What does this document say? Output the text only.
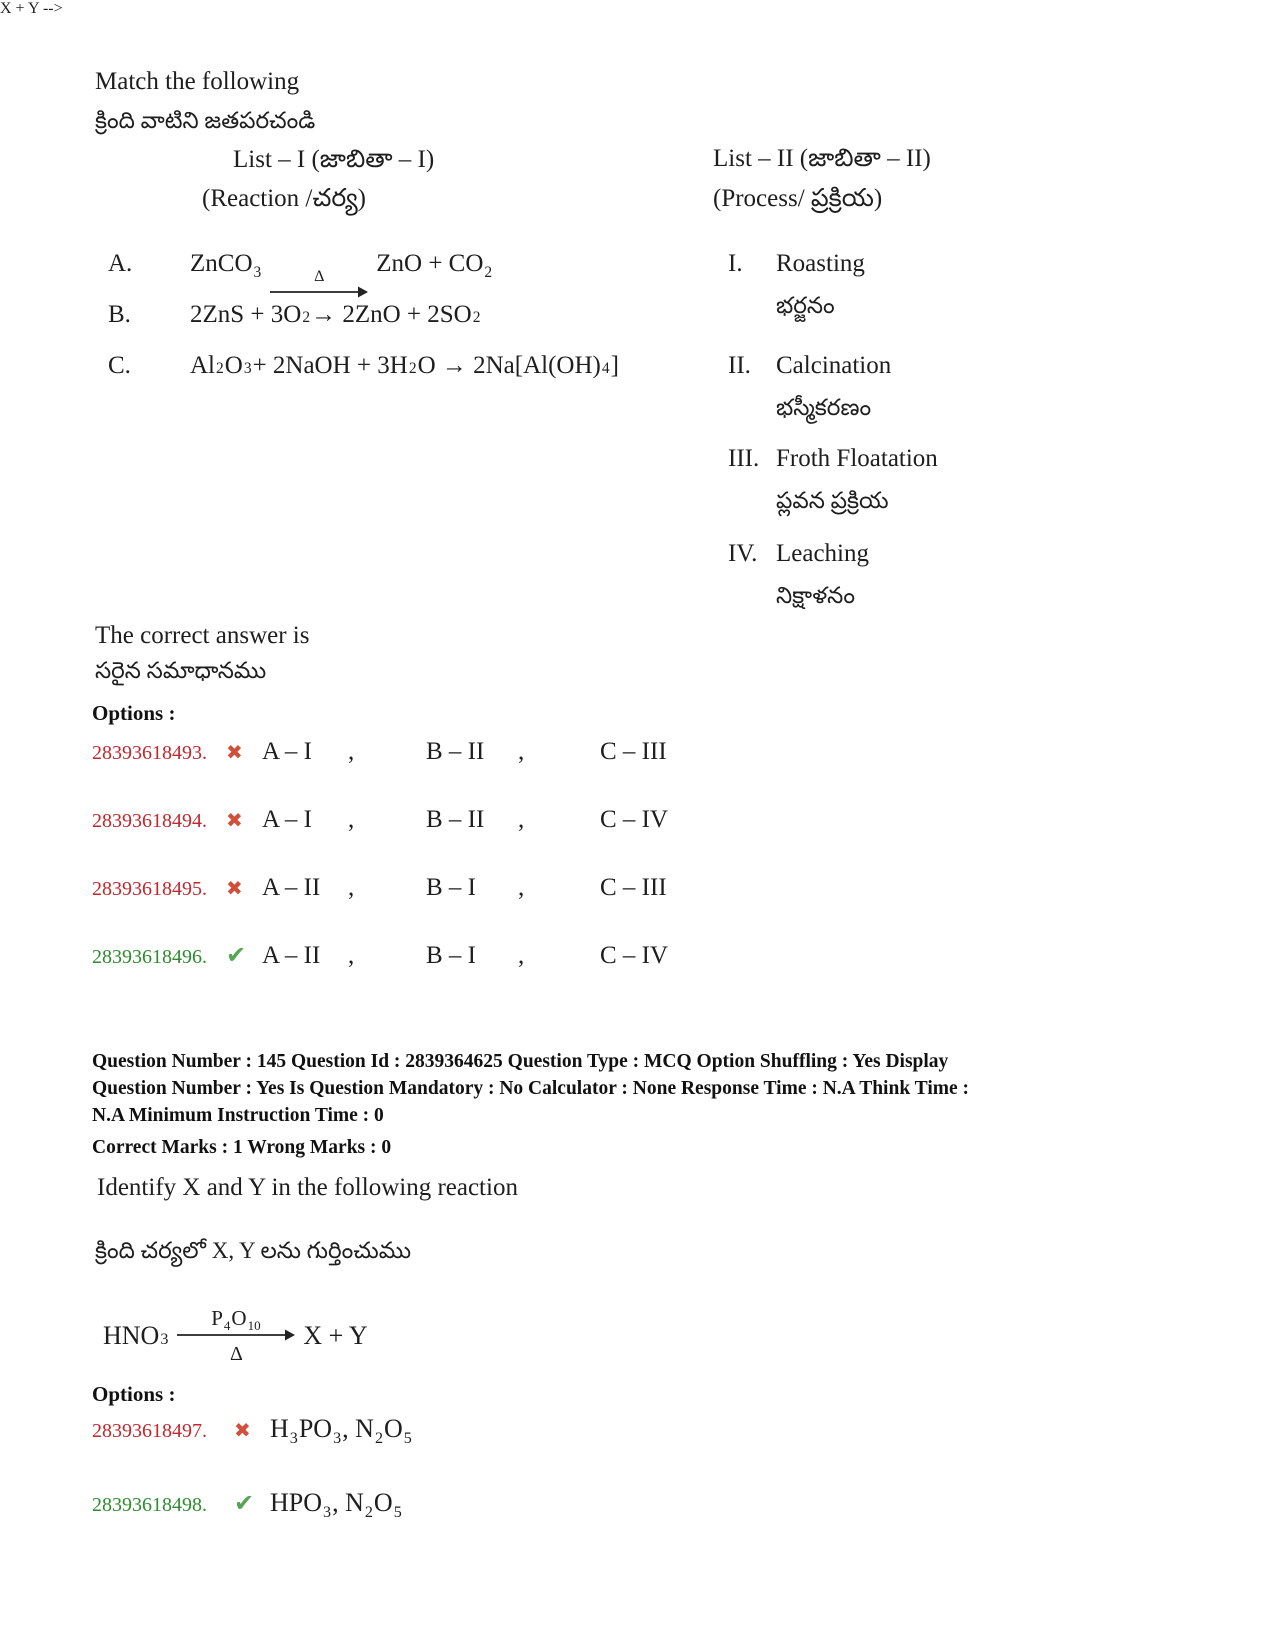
Match the following
క్రింది వాటిని జతపరచండి
List – I (జాబితా – I)
(Reaction /చర్య)
List – II (జాబితా – II)
(Process/ ప్రక్రియ)
A.	ZnCO$_3$	Δ ZnO + $CO_2$
B.	2ZnS + 3O 2 → 2ZnO + 2SO 2
C.	Al 2 O 3 + 2NaOH + 3H 2 O → 2Na[Al(OH) 4 ]
I.	Roasting
భర్జనం
II.	Calcination
భస్మీకరణం
III. Froth Floatation
ప్లవన ప్రక్రియ
IV. Leaching
నిక్షాళనం
The correct answer is
సరైన సమాధానము
Options :
28393618493. ✖ A – I	,	B – II	,	C – III
28393618494. ✖ A – I	,	B – II	,	C – IV
28393618495. ✖ A – II	,	B – I	,	C – III
28393618496. ✔ A – II	,	B – I	,	C – IV
Question Number : 145 Question Id : 2839364625 Question Type : MCQ Option Shuffling : Yes Display
Question Number : Yes Is Question Mandatory : No Calculator : None Response Time : N.A Think Time :
N.A Minimum Instruction Time : 0
Correct Marks : 1 Wrong Marks : 0
Identify X and Y in the following reaction
క్రింది చర్యలో X, Y లను గుర్తించుము
X + Y -->
HNO 3
$P_4O_{10}$
Δ
X + Y
Options :
28393618497.	✖ $H_3PO_3$, $N_2O_5$
28393618498.	✔ $HPO_3$, $N_2O_5$
